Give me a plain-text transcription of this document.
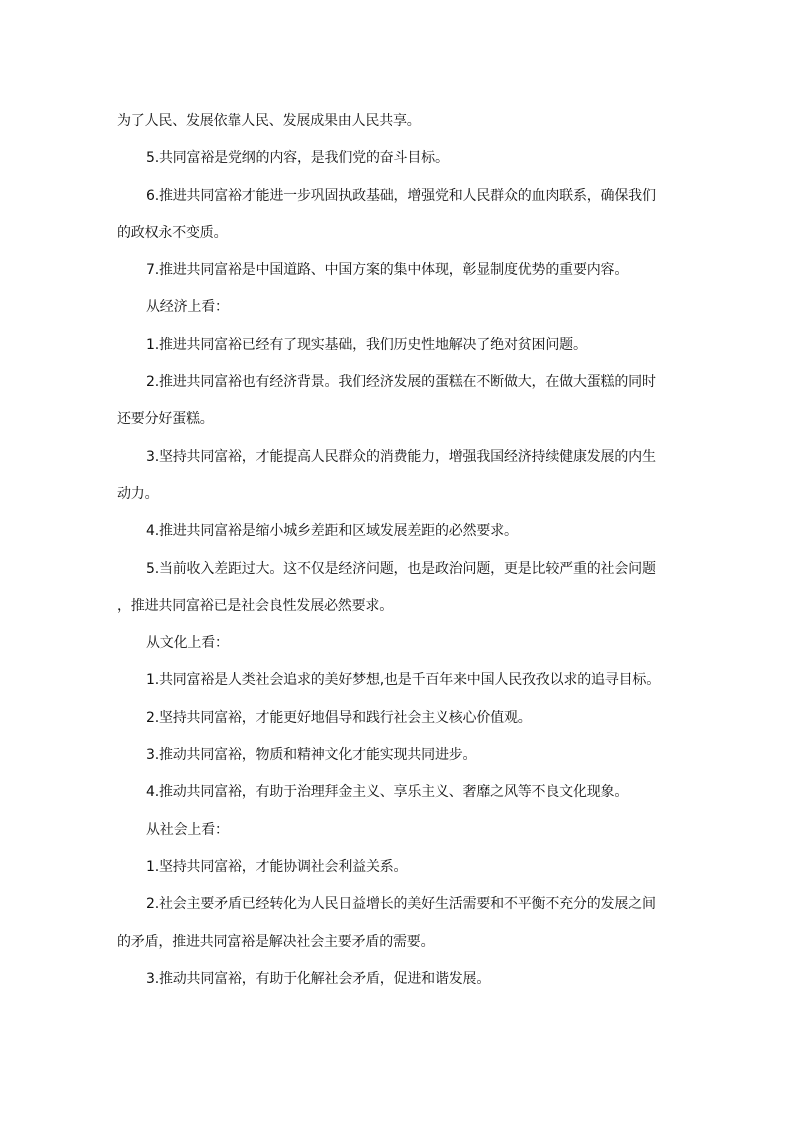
为了人民、发展依靠人民、发展成果由人民共享。
5.共同富裕是党纲的内容，是我们党的奋斗目标。
6.推进共同富裕才能进一步巩固执政基础，增强党和人民群众的血肉联系，确保我们
的政权永不变质。
7.推进共同富裕是中国道路、中国方案的集中体现，彰显制度优势的重要内容。
从经济上看：
1.推进共同富裕已经有了现实基础，我们历史性地解决了绝对贫困问题。
2.推进共同富裕也有经济背景。我们经济发展的蛋糕在不断做大，在做大蛋糕的同时
还要分好蛋糕。
3.坚持共同富裕，才能提高人民群众的消费能力，增强我国经济持续健康发展的内生
动力。
4.推进共同富裕是缩小城乡差距和区域发展差距的必然要求。
5.当前收入差距过大。这不仅是经济问题，也是政治问题，更是比较严重的社会问题
，推进共同富裕已是社会良性发展必然要求。
从文化上看：
1.共同富裕是人类社会追求的美好梦想,也是千百年来中国人民孜孜以求的追寻目标。
2.坚持共同富裕，才能更好地倡导和践行社会主义核心价值观。
3.推动共同富裕，物质和精神文化才能实现共同进步。
4.推动共同富裕，有助于治理拜金主义、享乐主义、奢靡之风等不良文化现象。
从社会上看：
1.坚持共同富裕，才能协调社会利益关系。
2.社会主要矛盾已经转化为人民日益增长的美好生活需要和不平衡不充分的发展之间
的矛盾，推进共同富裕是解决社会主要矛盾的需要。
3.推动共同富裕，有助于化解社会矛盾，促进和谐发展。
